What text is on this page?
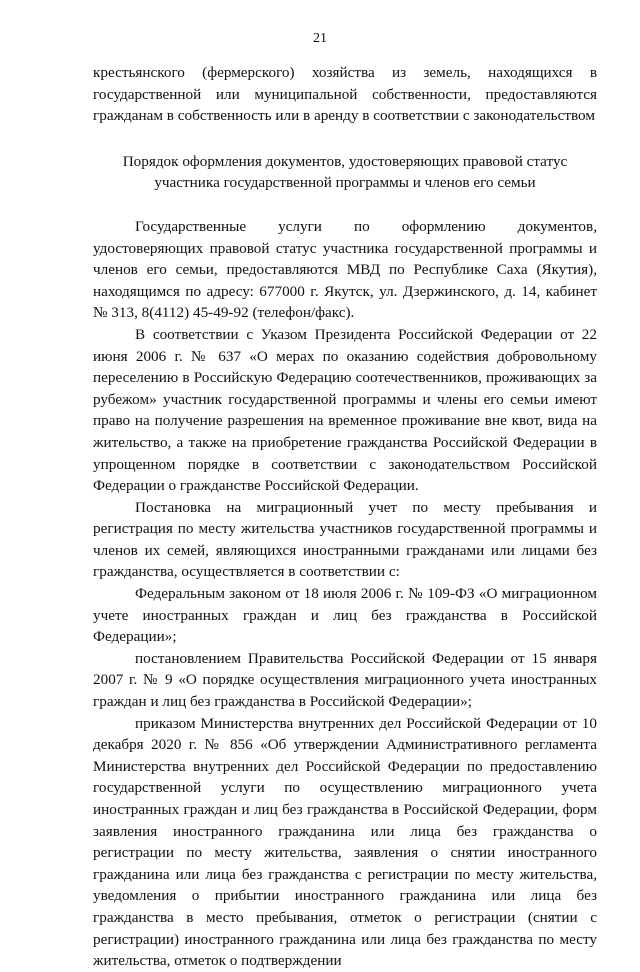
21

крестьянского (фермерского) хозяйства из земель, находящихся в государственной или муниципальной собственности, предоставляются гражданам в собственность или в аренду в соответствии с законодательством

Порядок оформления документов, удостоверяющих правовой статус
участника государственной программы и членов его семьи

Государственные услуги по оформлению документов, удостоверяющих правовой статус участника государственной программы и членов его семьи, предоставляются МВД по Республике Саха (Якутия), находящимся по адресу: 677000 г. Якутск, ул. Дзержинского, д. 14, кабинет № 313, 8(4112) 45-49-92 (телефон/факс).

В соответствии с Указом Президента Российской Федерации от 22 июня 2006 г. № 637 «О мерах по оказанию содействия добровольному переселению в Российскую Федерацию соотечественников, проживающих за рубежом» участник государственной программы и члены его семьи имеют право на получение разрешения на временное проживание вне квот, вида на жительство, а также на приобретение гражданства Российской Федерации в упрощенном порядке в соответствии с законодательством Российской Федерации о гражданстве Российской Федерации.

Постановка на миграционный учет по месту пребывания и регистрация по месту жительства участников государственной программы и членов их семей, являющихся иностранными гражданами или лицами без гражданства, осуществляется в соответствии с:

Федеральным законом от 18 июля 2006 г. № 109-ФЗ «О миграционном учете иностранных граждан и лиц без гражданства в Российской Федерации»;

постановлением Правительства Российской Федерации от 15 января 2007 г. № 9 «О порядке осуществления миграционного учета иностранных граждан и лиц без гражданства в Российской Федерации»;

приказом Министерства внутренних дел Российской Федерации от 10 декабря 2020 г. № 856 «Об утверждении Административного регламента Министерства внутренних дел Российской Федерации по предоставлению государственной услуги по осуществлению миграционного учета иностранных граждан и лиц без гражданства в Российской Федерации, форм заявления иностранного гражданина или лица без гражданства о регистрации по месту жительства, заявления о снятии иностранного гражданина или лица без гражданства с регистрации по месту жительства, уведомления о прибытии иностранного гражданина или лица без гражданства в место пребывания, отметок о регистрации (снятии с регистрации) иностранного гражданина или лица без гражданства по месту жительства, отметок о подтверждении
